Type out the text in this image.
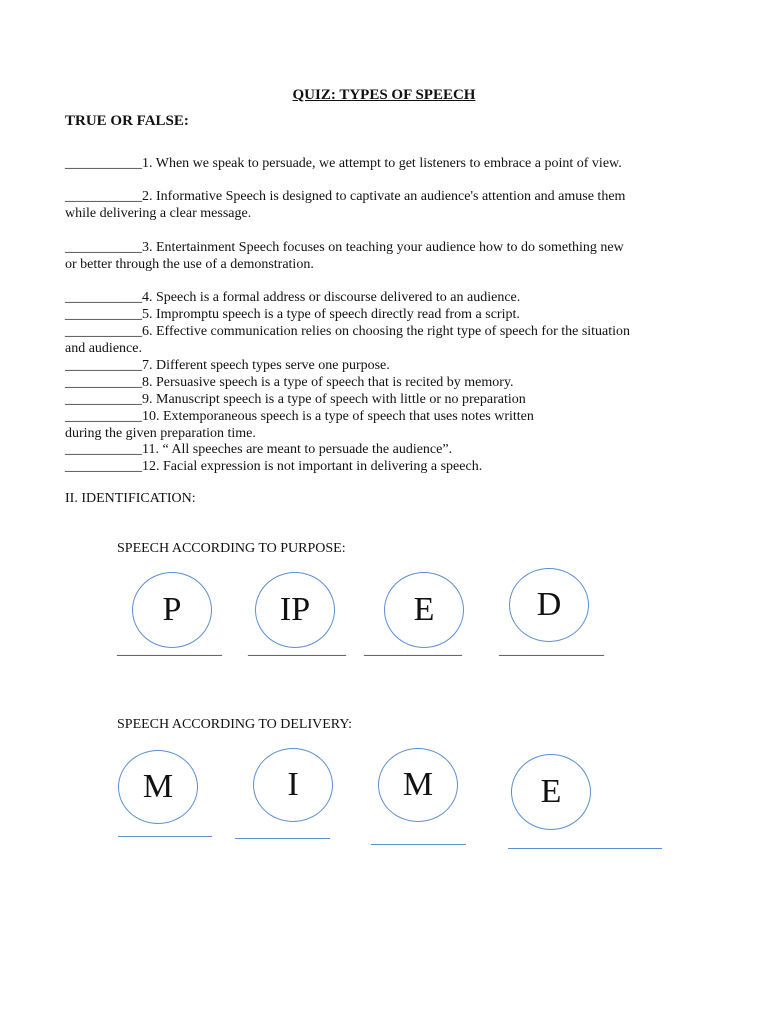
QUIZ: TYPES OF SPEECH
TRUE OR FALSE:
___________1. When we speak to persuade, we attempt to get listeners to embrace a point of view.
___________2. Informative Speech is designed to captivate an audience's attention and amuse them
while delivering a clear message.
___________3. Entertainment Speech focuses on teaching your audience how to do something new
or better through the use of a demonstration.
___________4. Speech is a formal address or discourse delivered to an audience.
___________5. Impromptu speech is a type of speech directly read from a script.
___________6. Effective communication relies on choosing the right type of speech for the situation
and audience.
___________7. Different speech types serve one purpose.
___________8. Persuasive speech is a type of speech that is recited by memory.
___________9. Manuscript speech is a type of speech with little or no preparation
___________10. Extemporaneous speech is a type of speech that uses notes written
during the given preparation time.
___________11. “ All speeches are meant to persuade the audience”.
___________12. Facial expression is not important in delivering a speech.
II. IDENTIFICATION:
SPEECH ACCORDING TO PURPOSE:
P	IP	E	D
_______________ ______________ ______________	_______________
SPEECH ACCORDING TO DELIVERY:
M	I	M	E
